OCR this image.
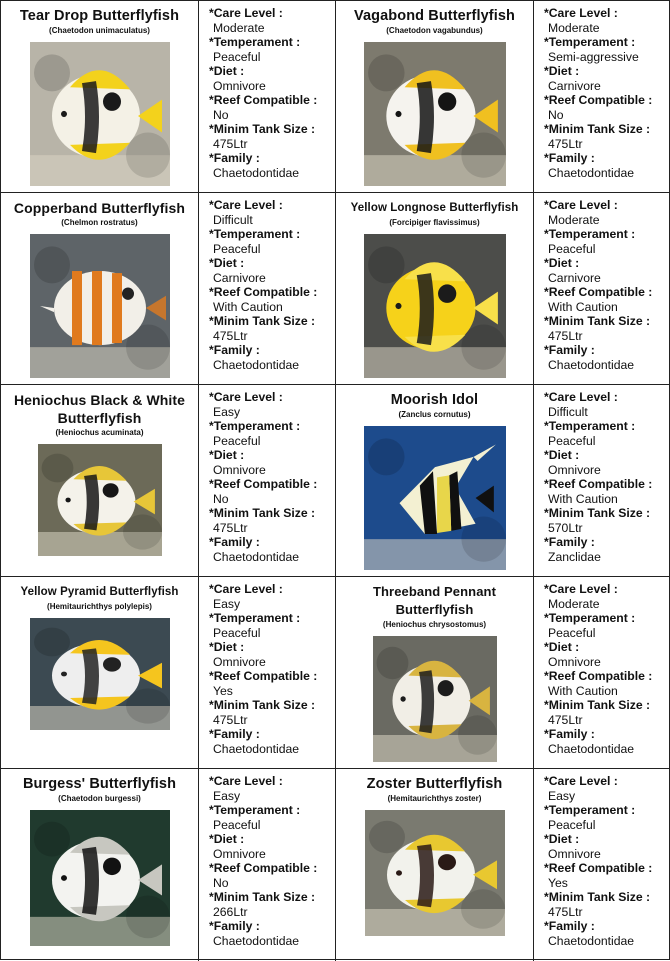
Tear Drop Butterflyfish
(Chaetodon unimaculatus)
*Care Level :
Moderate
*Temperament :
Peaceful
*Diet :
Omnivore
*Reef Compatible :
No
*Minim Tank Size :
475Ltr
*Family :
Chaetodontidae
Vagabond Butterflyfish
(Chaetodon vagabundus)
*Care Level :
Moderate
*Temperament :
Semi-aggressive
*Diet :
Carnivore
*Reef Compatible :
No
*Minim Tank Size :
475Ltr
*Family :
Chaetodontidae
Copperband Butterflyfish
(Chelmon rostratus)
*Care Level :
Difficult
*Temperament :
Peaceful
*Diet :
Carnivore
*Reef Compatible :
With Caution
*Minim Tank Size :
475Ltr
*Family :
Chaetodontidae
Yellow Longnose Butterflyfish
(Forcipiger flavissimus)
*Care Level :
Moderate
*Temperament :
Peaceful
*Diet :
Carnivore
*Reef Compatible :
With Caution
*Minim Tank Size :
475Ltr
*Family :
Chaetodontidae
Heniochus Black & White Butterflyfish
(Heniochus acuminata)
*Care Level :
Easy
*Temperament :
Peaceful
*Diet :
Omnivore
*Reef Compatible :
No
*Minim Tank Size :
475Ltr
*Family :
Chaetodontidae
Moorish Idol
(Zanclus cornutus)
*Care Level :
Difficult
*Temperament :
Peaceful
*Diet :
Omnivore
*Reef Compatible :
With Caution
*Minim Tank Size :
570Ltr
*Family :
Zanclidae
Yellow Pyramid Butterflyfish
(Hemitaurichthys polylepis)
*Care Level :
Easy
*Temperament :
Peaceful
*Diet :
Omnivore
*Reef Compatible :
Yes
*Minim Tank Size :
475Ltr
*Family :
Chaetodontidae
Threeband Pennant Butterflyfish
(Heniochus chrysostomus)
*Care Level :
Moderate
*Temperament :
Peaceful
*Diet :
Omnivore
*Reef Compatible :
With Caution
*Minim Tank Size :
475Ltr
*Family :
Chaetodontidae
Burgess' Butterflyfish
(Chaetodon burgessi)
*Care Level :
Easy
*Temperament :
Peaceful
*Diet :
Omnivore
*Reef Compatible :
No
*Minim Tank Size :
266Ltr
*Family :
Chaetodontidae
Zoster Butterflyfish
(Hemitaurichthys zoster)
*Care Level :
Easy
*Temperament :
Peaceful
*Diet :
Omnivore
*Reef Compatible :
Yes
*Minim Tank Size :
475Ltr
*Family :
Chaetodontidae
